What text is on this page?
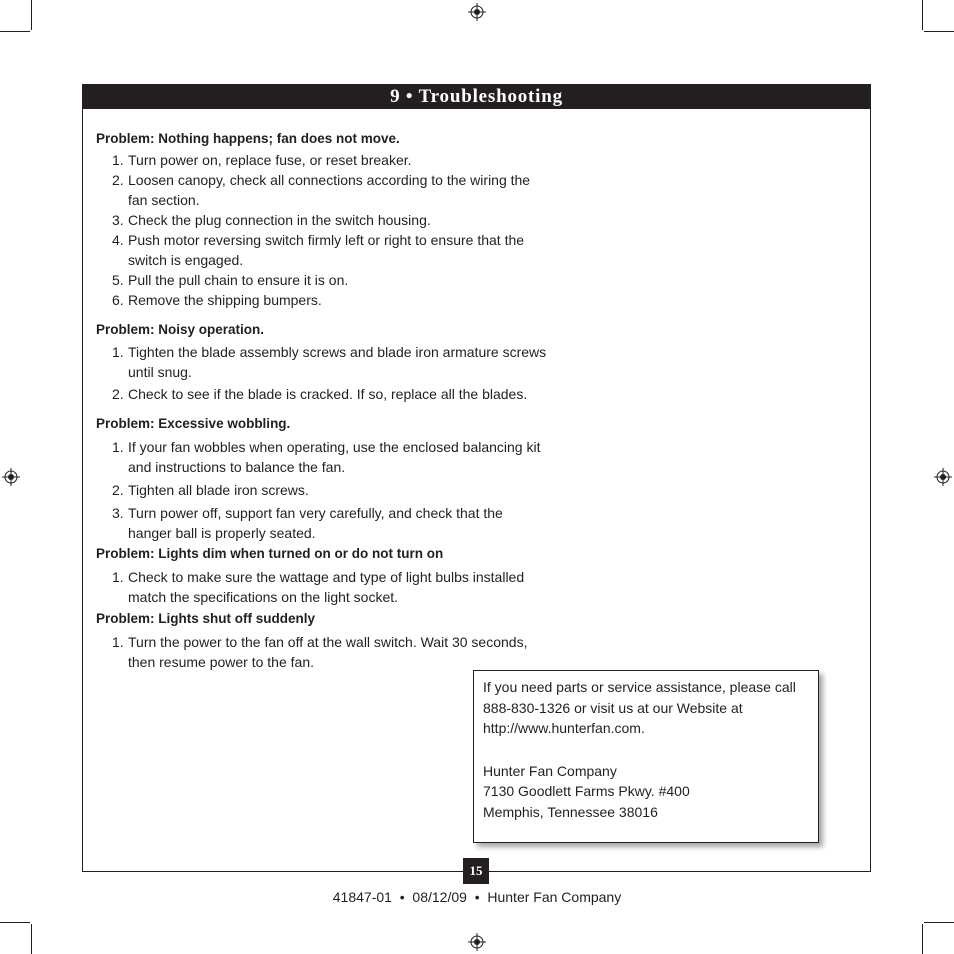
9 • Troubleshooting
Problem: Nothing happens; fan does not move.
1. Turn power on, replace fuse, or reset breaker.
2. Loosen canopy, check all connections according to the wiring the
fan section.
3. Check the plug connection in the switch housing.
4. Push motor reversing switch firmly left or right to ensure that the
switch is engaged.
5. Pull the pull chain to ensure it is on.
6. Remove the shipping bumpers.
Problem: Noisy operation.
1. Tighten the blade assembly screws and blade iron armature screws
until snug.
2. Check to see if the blade is cracked. If so, replace all the blades.
Problem: Excessive wobbling.
1. If your fan wobbles when operating, use the enclosed balancing kit
and instructions to balance the fan.
2. Tighten all blade iron screws.
3. Turn power off, support fan very carefully, and check that the
hanger ball is properly seated.
Problem: Lights dim when turned on or do not turn on
1. Check to make sure the wattage and type of light bulbs installed
match the specifications on the light socket.
Problem: Lights shut off suddenly
1. Turn the power to the fan off at the wall switch. Wait 30 seconds,
then resume power to the fan.
If you need parts or service assistance, please call
888-830-1326 or visit us at our Website at
http://www.hunterfan.com.
Hunter Fan Company
7130 Goodlett Farms Pkwy. #400
Memphis, Tennessee 38016
15
41847-01 • 08/12/09 • Hunter Fan Company
